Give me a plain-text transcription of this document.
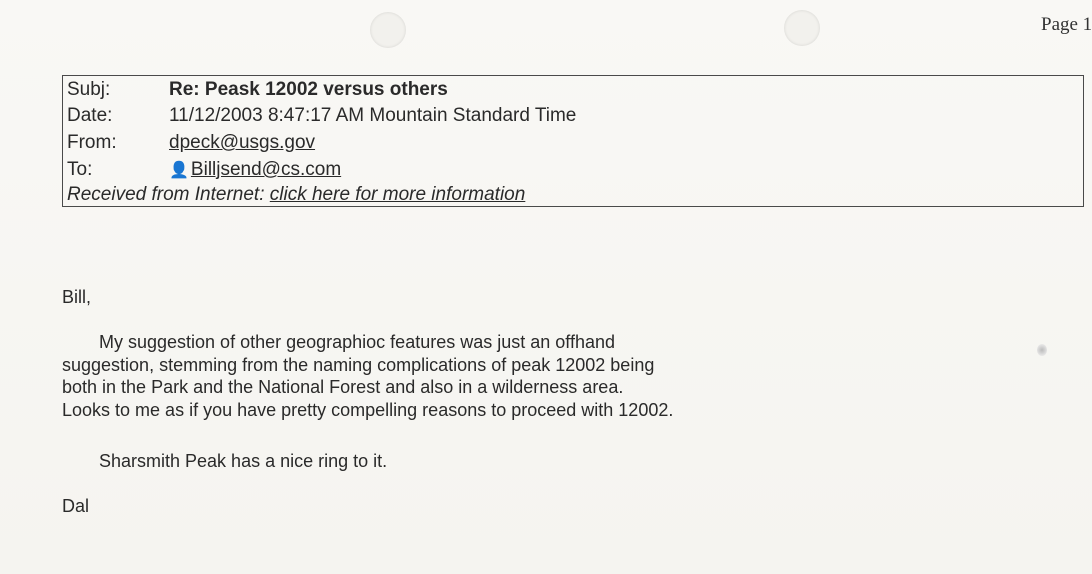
Page 1
Subj:	Re: Peask 12002 versus others
Date:	11/12/2003 8:47:17 AM Mountain Standard Time
From:	dpeck@usgs.gov
To:	👤 Billjsend@cs.com
Received from Internet: click here for more information
Bill,
My suggestion of other geographioc features was just an offhand
suggestion, stemming from the naming complications of peak 12002 being
both in the Park and the National Forest and also in a wilderness area.
Looks to me as if you have pretty compelling reasons to proceed with 12002.
Sharsmith Peak has a nice ring to it.
Dal
